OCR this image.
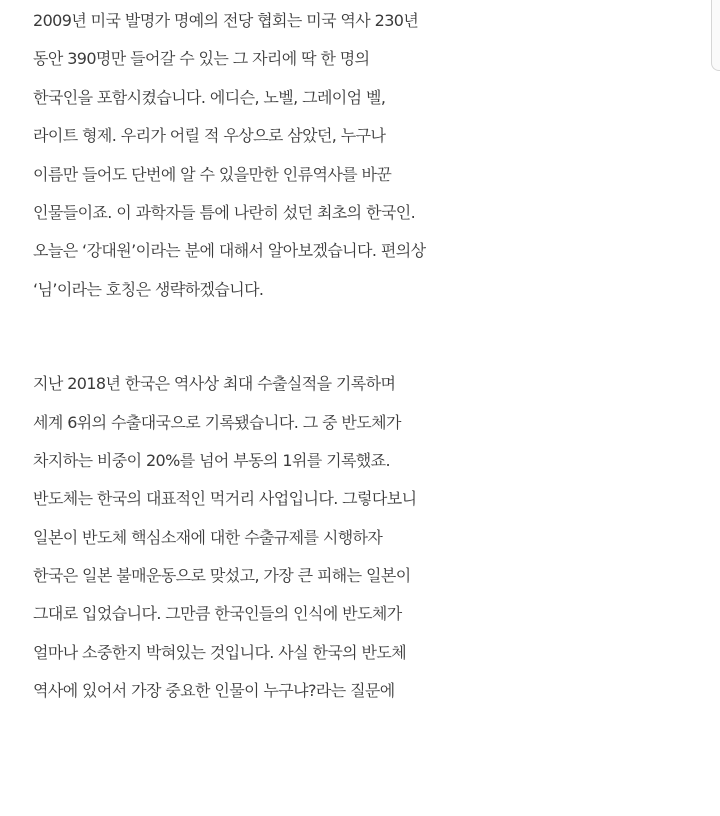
2009년 미국 발명가 명예의 전당 협회는 미국 역사 230년
동안 390명만 들어갈 수 있는 그 자리에 딱 한 명의
한국인을 포함시켰습니다. 에디슨, 노벨, 그레이엄 벨,
라이트 형제. 우리가 어릴 적 우상으로 삼았던, 누구나
이름만 들어도 단번에 알 수 있을만한 인류역사를 바꾼
인물들이죠. 이 과학자들 틈에 나란히 섰던 최초의 한국인.
오늘은 ‘강대원’이라는 분에 대해서 알아보겠습니다. 편의상
‘님’이라는 호칭은 생략하겠습니다.

지난 2018년 한국은 역사상 최대 수출실적을 기록하며
세계 6위의 수출대국으로 기록됐습니다. 그 중 반도체가
차지하는 비중이 20%를 넘어 부동의 1위를 기록했죠.
반도체는 한국의 대표적인 먹거리 사업입니다. 그렇다보니
일본이 반도체 핵심소재에 대한 수출규제를 시행하자
한국은 일본 불매운동으로 맞섰고, 가장 큰 피해는 일본이
그대로 입었습니다. 그만큼 한국인들의 인식에 반도체가
얼마나 소중한지 박혀있는 것입니다. 사실 한국의 반도체
역사에 있어서 가장 중요한 인물이 누구냐?라는 질문에
